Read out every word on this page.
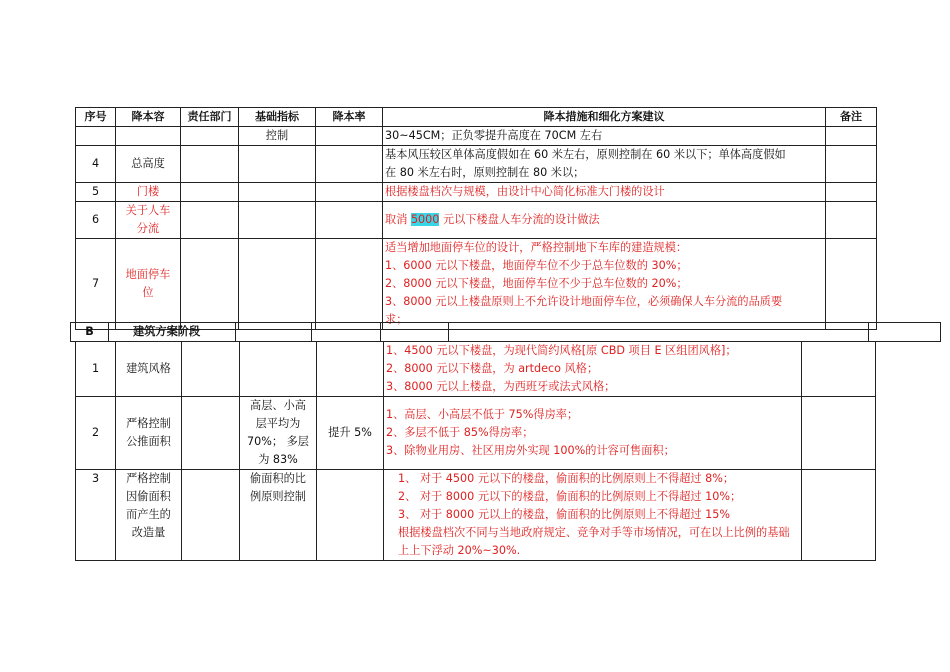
序号	降本容	责任部门	基础指标	降本率	降本措施和细化方案建议	备注
			控制		30~45CM；正负零提升高度在 70CM 左右	

4	总高度				基本风压较区单体高度假如在 60 米左右，原则控制在 60 米以下；单体高度假如
在 80 米左右时，原则控制在 80 米以；	

5	门楼				根据楼盘档次与规模，由设计中心简化标准大门楼的设计	

6	关于人车
分流				取消 5000 元以下楼盘人车分流的设计做法	
7	地面停车
位				适当增加地面停车位的设计，严格控制地下车库的建造规模：
1、6000 元以下楼盘，地面停车位不少于总车位数的 30%；
2、8000 元以下楼盘，地面停车位不少于总车位数的 20%；
3、8000 元以上楼盘原则上不允许设计地面停车位，必须确保人车分流的品质要
求；	

B	建筑方案阶段					
1	建筑风格				1、4500 元以下楼盘，为现代简约风格[原 CBD 项目 E 区组团风格]；
2、8000 元以下楼盘，为 artdeco 风格；
3、8000 元以上楼盘，为西班牙或法式风格；	

2	严格控制
公推面积		高层、小高
层平均为
70%； 多层
为 83%	提升 5%	1、高层、小高层不低于 75%得房率；
2、多层不低于 85%得房率；
3、除物业用房、社区用房外实现 100%的计容可售面积；	

3	严格控制
因偷面积
而产生的
改造量		偷面积的比
例原则控制		1、 对于 4500 元以下的楼盘，偷面积的比例原则上不得超过 8%；
2、 对于 8000 元以下的楼盘，偷面积的比例原则上不得超过 10%；
3、 对于 8000 元以上的楼盘，偷面积的比例原则上不得超过 15%
根据楼盘档次不同与当地政府规定、竞争对手等市场情况，可在以上比例的基础
上上下浮动 20%~30%.	
